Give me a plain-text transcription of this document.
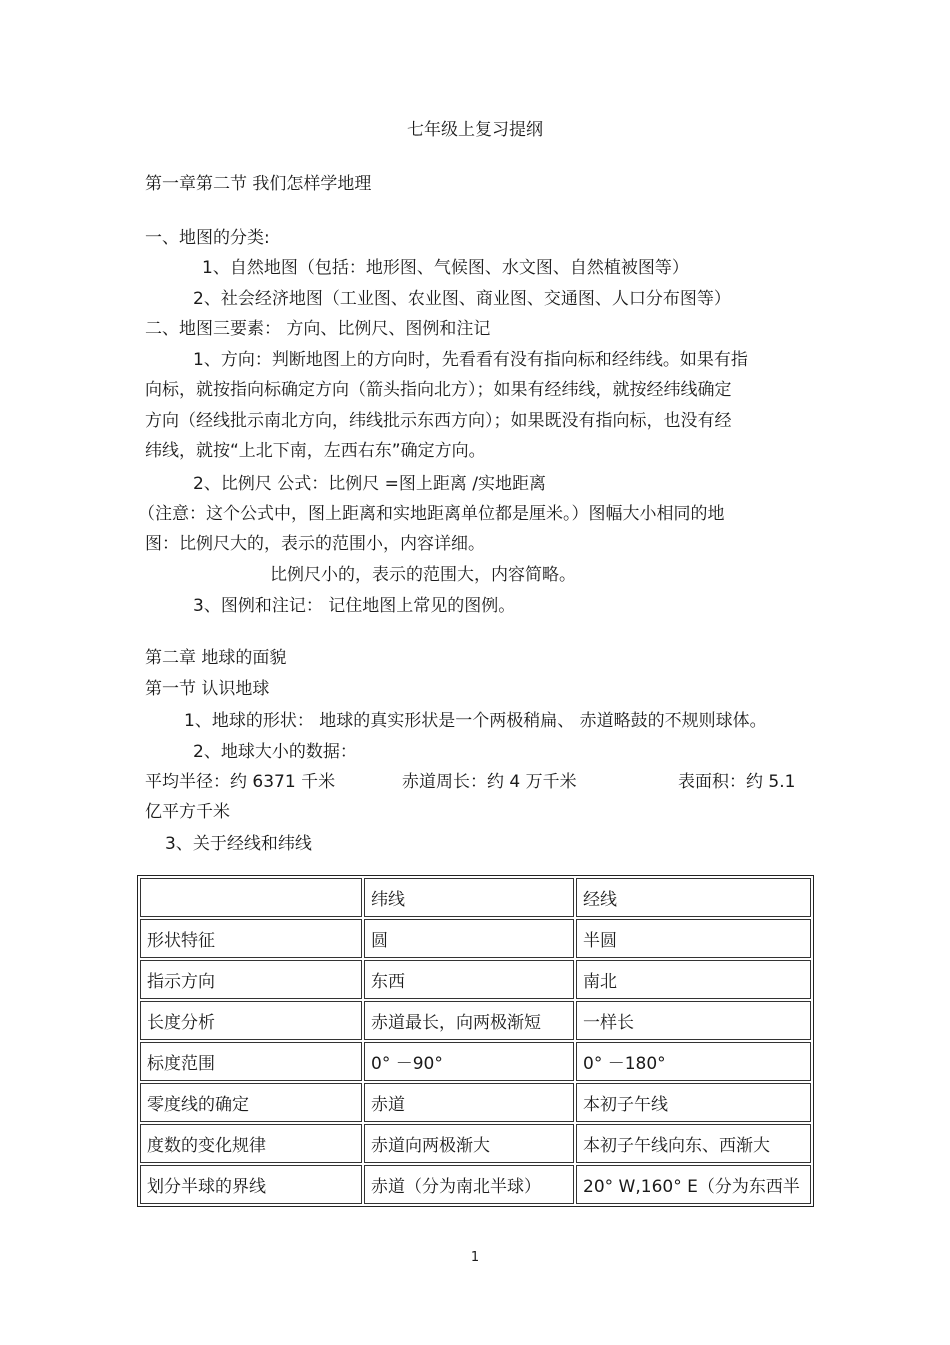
七年级上复习提纲
第一章第二节 我们怎样学地理
一、地图的分类:
1、自然地图（包括：地形图、气候图、水文图、自然植被图等）
2、社会经济地图（工业图、农业图、商业图、交通图、人口分布图等）
二、地图三要素： 方向、比例尺、图例和注记
1、方向：判断地图上的方向时，先看看有没有指向标和经纬线。如果有指
向标，就按指向标确定方向（箭头指向北方）；如果有经纬线，就按经纬线确定
方向（经线批示南北方向，纬线批示东西方向）；如果既没有指向标，也没有经
纬线，就按“上北下南，左西右东”确定方向。
2、比例尺 公式：比例尺 =图上距离 /实地距离
（注意：这个公式中，图上距离和实地距离单位都是厘米。）图幅大小相同的地
图：比例尺大的，表示的范围小，内容详细。
比例尺小的，表示的范围大，内容简略。
3、图例和注记： 记住地图上常见的图例。
第二章 地球的面貌
第一节 认识地球
1、地球的形状： 地球的真实形状是一个两极稍扁、 赤道略鼓的不规则球体。
2、地球大小的数据：
平均半径：约 6371 千米	赤道周长：约 4 万千米	表面积：约 5.1
亿平方千米
3、关于经线和纬线
	纬线	经线
形状特征	圆	半圆
指示方向	东西	南北
长度分析	赤道最长，向两极渐短	一样长
标度范围	0° －90°	0° －180°
零度线的确定	赤道	本初子午线
度数的变化规律	赤道向两极渐大	本初子午线向东、西渐大
划分半球的界线	赤道（分为南北半球）	20° W,160° E（分为东西半
1
